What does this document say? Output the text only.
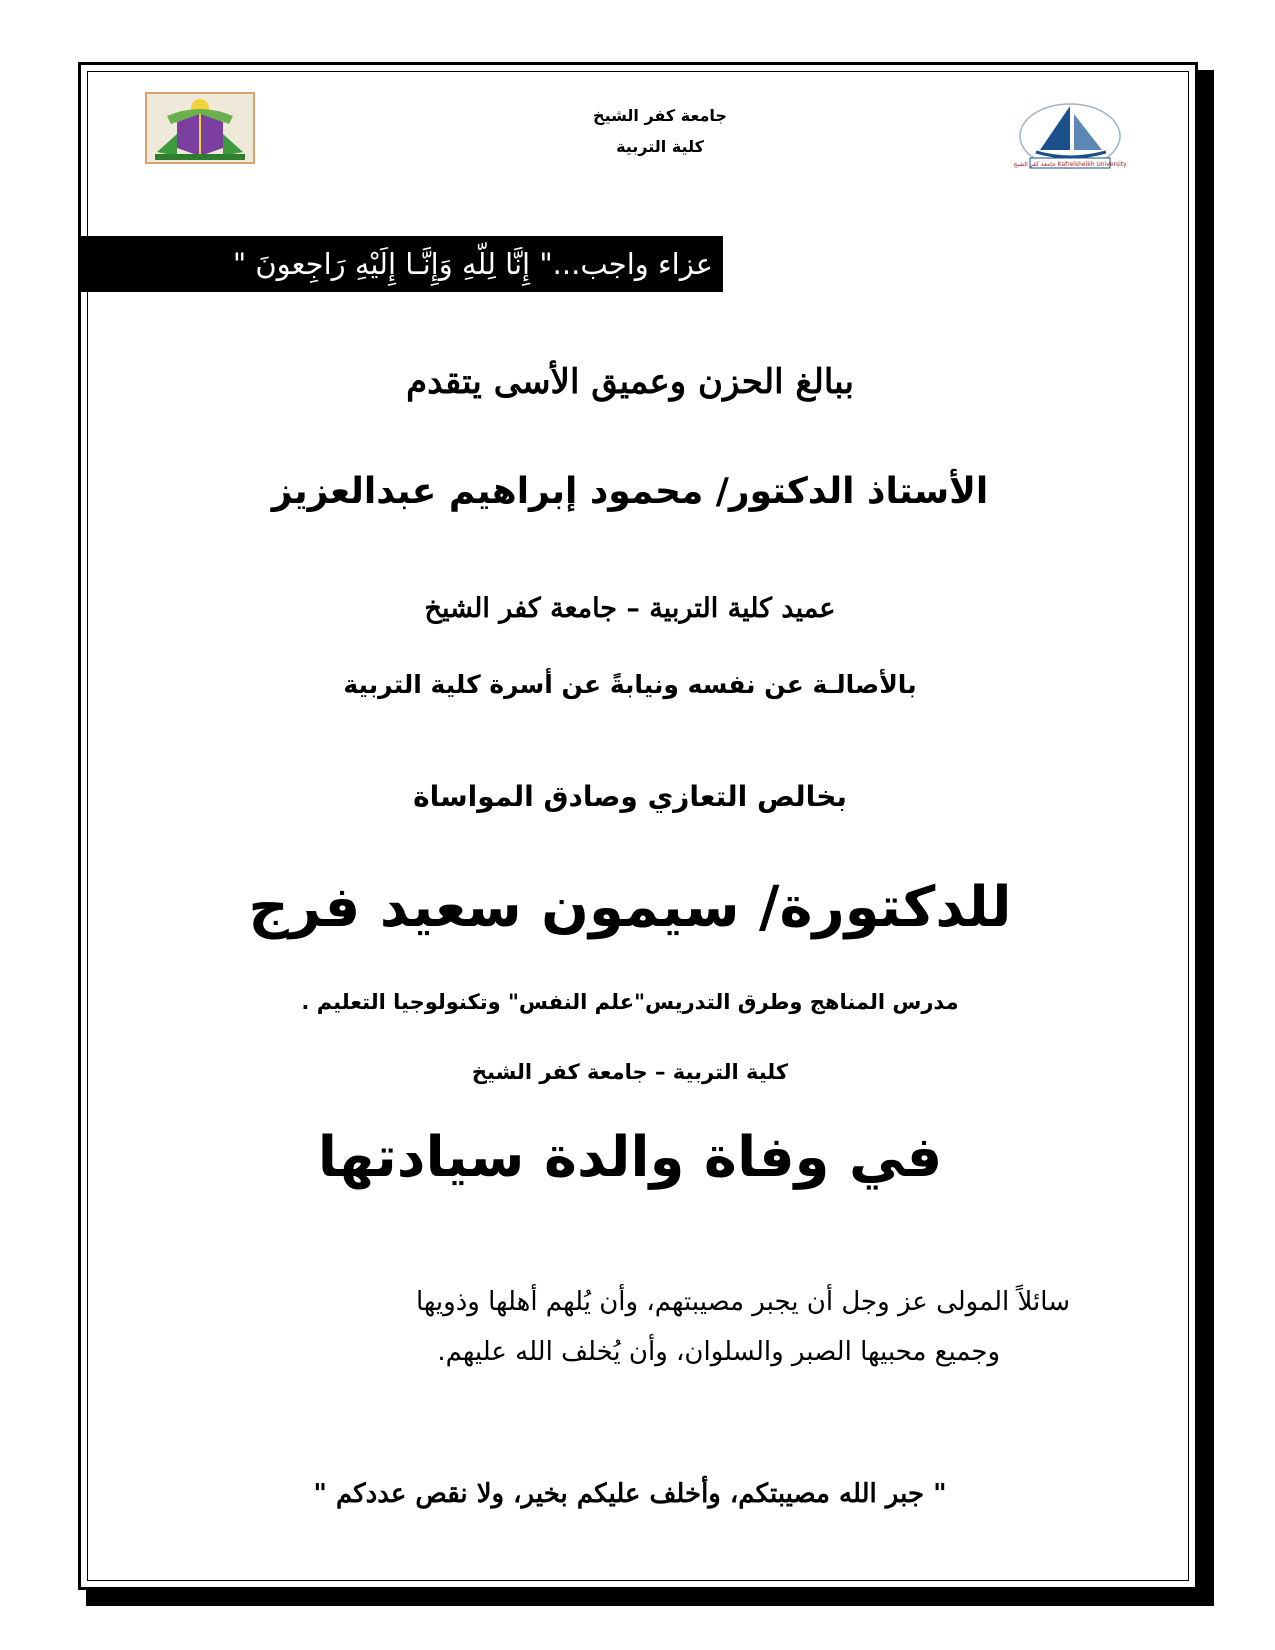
جامعة كفر الشيخ Kafrelsheikh University
جامعة كفر الشيخ
كلية التربية
عزاء واجب..." إِنَّا لِلّهِ وَإِنَّـا إِلَيْهِ رَاجِعونَ "
ببالغ الحزن وعميق الأسى يتقدم
الأستاذ الدكتور/ محمود إبراهيم عبدالعزيز
عميد كلية التربية – جامعة كفر الشيخ
بالأصالـة عن نفسه ونيابةً عن أسرة كلية التربية
بخالص التعازي وصادق المواساة
للدكتورة/ سيمون سعيد فرج
مدرس المناهج وطرق التدريس"علم النفس" وتكنولوجيا التعليم .
كلية التربية – جامعة كفر الشيخ
في وفاة والدة سيادتها
سائلاً المولى عز وجل أن يجبر مصيبتهم، وأن يُلهم أهلها وذويها
وجميع محبيها الصبر والسلوان، وأن يُخلف الله عليهم.
" جبر الله مصيبتكم، وأخلف عليكم بخير، ولا نقص عددكم "
